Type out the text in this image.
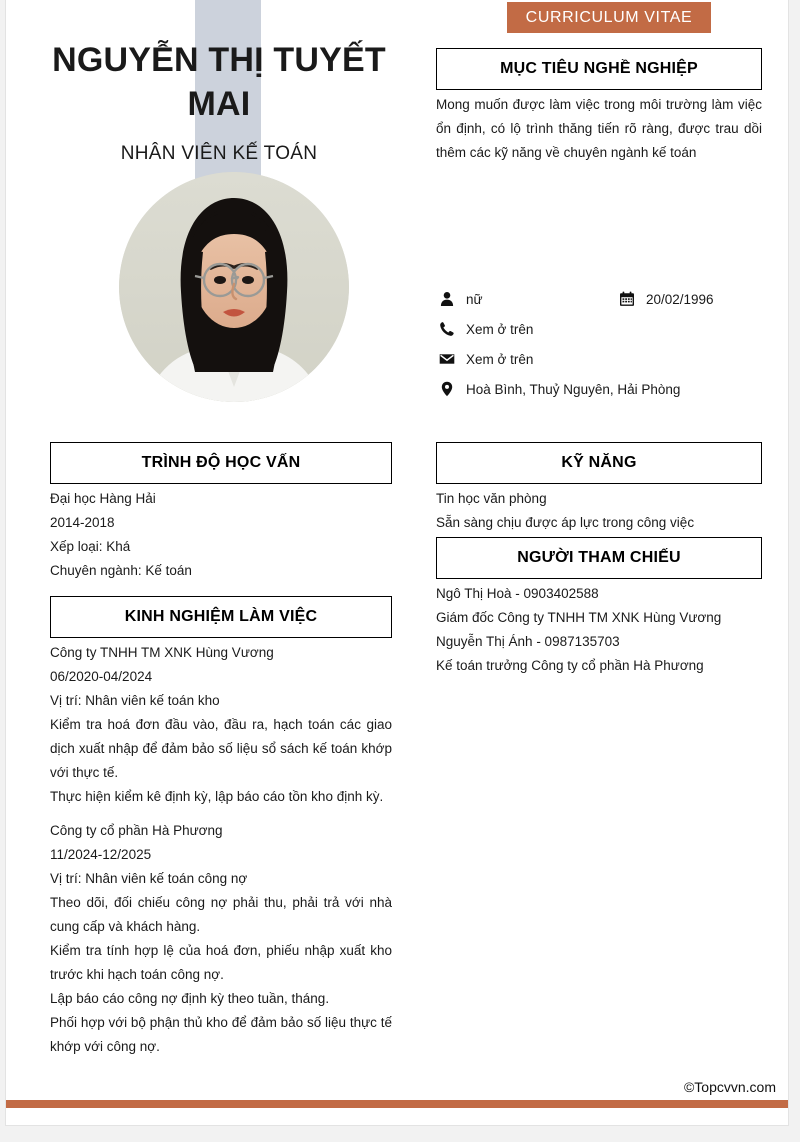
CURRICULUM VITAE
NGUYỄN THỊ TUYẾT MAI
NHÂN VIÊN KẾ TOÁN
TRÌNH ĐỘ HỌC VẤN
Đại học Hàng Hải
2014-2018
Xếp loại: Khá
Chuyên ngành: Kế toán
KINH NGHIỆM LÀM VIỆC
Công ty TNHH TM XNK Hùng Vương
06/2020-04/2024
Vị trí: Nhân viên kế toán kho
Kiểm tra hoá đơn đầu vào, đầu ra, hạch toán các giao dịch xuất nhập để đảm bảo số liệu sổ sách kế toán khớp với thực tế.
Thực hiện kiểm kê định kỳ, lập báo cáo tồn kho định kỳ.
Công ty cổ phần Hà Phương
11/2024-12/2025
Vị trí: Nhân viên kế toán công nợ
Theo dõi, đối chiếu công nợ phải thu, phải trả với nhà cung cấp và khách hàng.
Kiểm tra tính hợp lệ của hoá đơn, phiếu nhập xuất kho trước khi hạch toán công nợ.
Lập báo cáo công nợ định kỳ theo tuần, tháng.
Phối hợp với bộ phận thủ kho để đảm bảo số liệu thực tế khớp với công nợ.
MỤC TIÊU NGHỀ NGHIỆP
Mong muốn được làm việc trong môi trường làm việc ổn định, có lộ trình thăng tiến rõ ràng, được trau dồi thêm các kỹ năng về chuyên ngành kế toán
nữ	20/02/1996
Xem ở trên
Xem ở trên
Hoà Bình, Thuỷ Nguyên, Hải Phòng
KỸ NĂNG
Tin học văn phòng
Sẵn sàng chịu được áp lực trong công việc
NGƯỜI THAM CHIẾU
Ngô Thị Hoà - 0903402588
Giám đốc Công ty TNHH TM XNK Hùng Vương
Nguyễn Thị Ánh - 0987135703
Kế toán trưởng Công ty cổ phần Hà Phương
©Topcvvn.com
